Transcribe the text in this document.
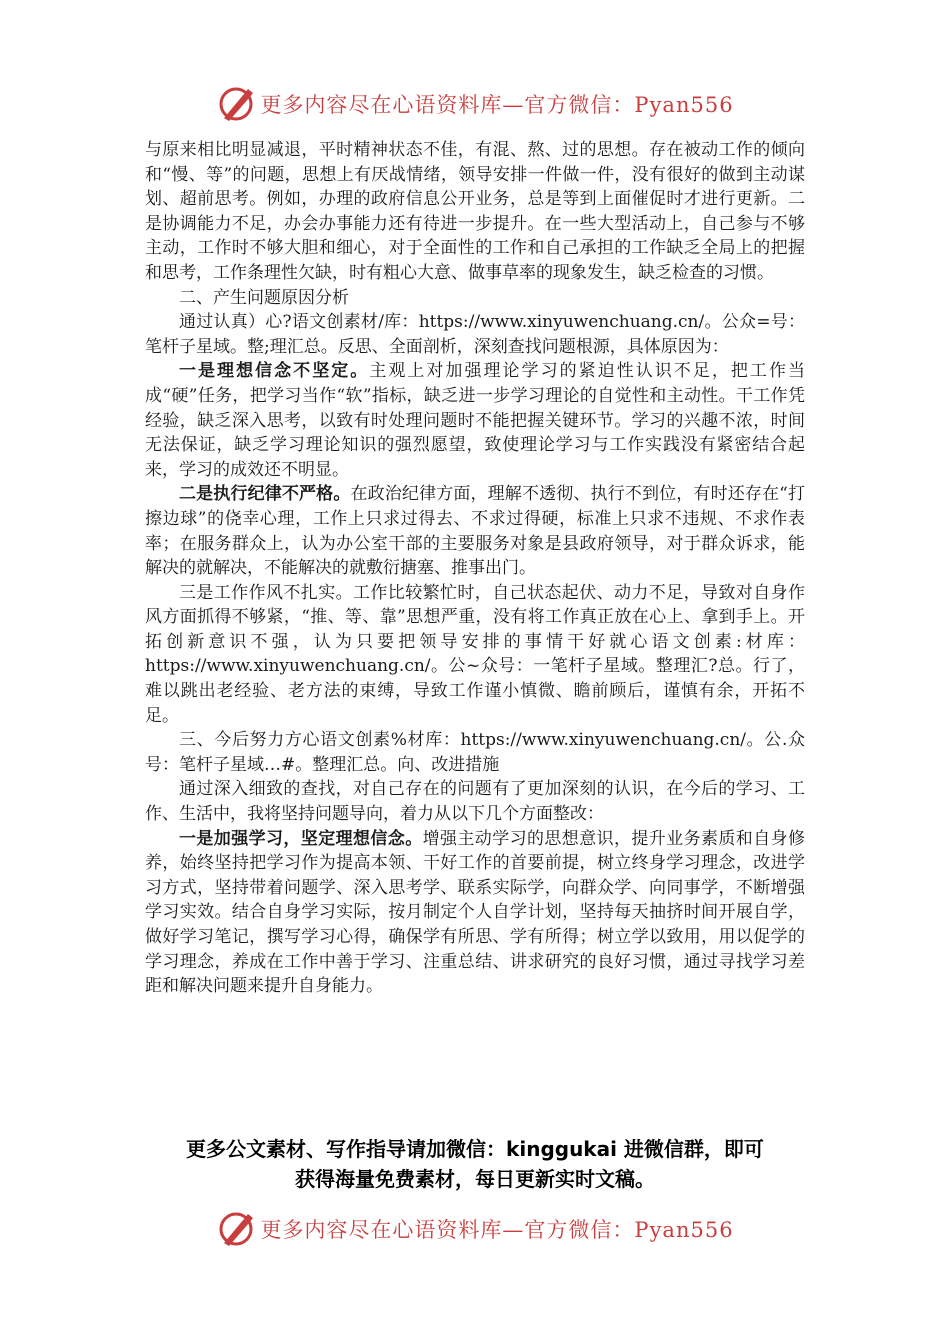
更多内容尽在心语资料库—官方微信：Pyan556

与原来相比明显减退，平时精神状态不佳，有混、熬、过的思想。存在被动工作的倾向和“慢、等”的问题，思想上有厌战情绪，领导安排一件做一件，没有很好的做到主动谋划、超前思考。例如，办理的政府信息公开业务，总是等到上面催促时才进行更新。二是协调能力不足，办会办事能力还有待进一步提升。在一些大型活动上，自己参与不够主动，工作时不够大胆和细心，对于全面性的工作和自己承担的工作缺乏全局上的把握和思考，工作条理性欠缺，时有粗心大意、做事草率的现象发生，缺乏检查的习惯。

二、产生问题原因分析

通过认真）心?语文创素材/库：https://www.xinyuwenchuang.cn/。公众=号：笔杆子星域。整;理汇总。反思、全面剖析，深刻查找问题根源，具体原因为：

一是理想信念不坚定。主观上对加强理论学习的紧迫性认识不足，把工作当成“硬”任务，把学习当作“软”指标，缺乏进一步学习理论的自觉性和主动性。干工作凭经验，缺乏深入思考，以致有时处理问题时不能把握关键环节。学习的兴趣不浓，时间无法保证，缺乏学习理论知识的强烈愿望，致使理论学习与工作实践没有紧密结合起来，学习的成效还不明显。

二是执行纪律不严格。在政治纪律方面，理解不透彻、执行不到位，有时还存在“打擦边球”的侥幸心理，工作上只求过得去、不求过得硬，标准上只求不违规、不求作表率；在服务群众上，认为办公室干部的主要服务对象是县政府领导，对于群众诉求，能解决的就解决，不能解决的就敷衍搪塞、推事出门。

三是工作作风不扎实。工作比较繁忙时，自己状态起伏、动力不足，导致对自身作风方面抓得不够紧，“推、等、靠”思想严重，没有将工作真正放在心上、拿到手上。开拓创新意识不强，认为只要把领导安排的事情干好就心语文创素:材库：https://www.xinyuwenchuang.cn/。公~众号：一笔杆子星域。整理汇?总。行了，难以跳出老经验、老方法的束缚，导致工作谨小慎微、瞻前顾后，谨慎有余，开拓不足。

三、今后努力方心语文创素%材库：https://www.xinyuwenchuang.cn/。公.众号：笔杆子星域…#。整理汇总。向、改进措施

通过深入细致的查找，对自己存在的问题有了更加深刻的认识，在今后的学习、工作、生活中，我将坚持问题导向，着力从以下几个方面整改：

一是加强学习，坚定理想信念。增强主动学习的思想意识，提升业务素质和自身修养，始终坚持把学习作为提高本领、干好工作的首要前提，树立终身学习理念，改进学习方式，坚持带着问题学、深入思考学、联系实际学，向群众学、向同事学，不断增强学习实效。结合自身学习实际，按月制定个人自学计划，坚持每天抽挤时间开展自学，做好学习笔记，撰写学习心得，确保学有所思、学有所得；树立学以致用，用以促学的学习理念，养成在工作中善于学习、注重总结、讲求研究的良好习惯，通过寻找学习差距和解决问题来提升自身能力。

更多公文素材、写作指导请加微信：kinggukai 进微信群，即可
获得海量免费素材，每日更新实时文稿。
更多内容尽在心语资料库—官方微信：Pyan556
